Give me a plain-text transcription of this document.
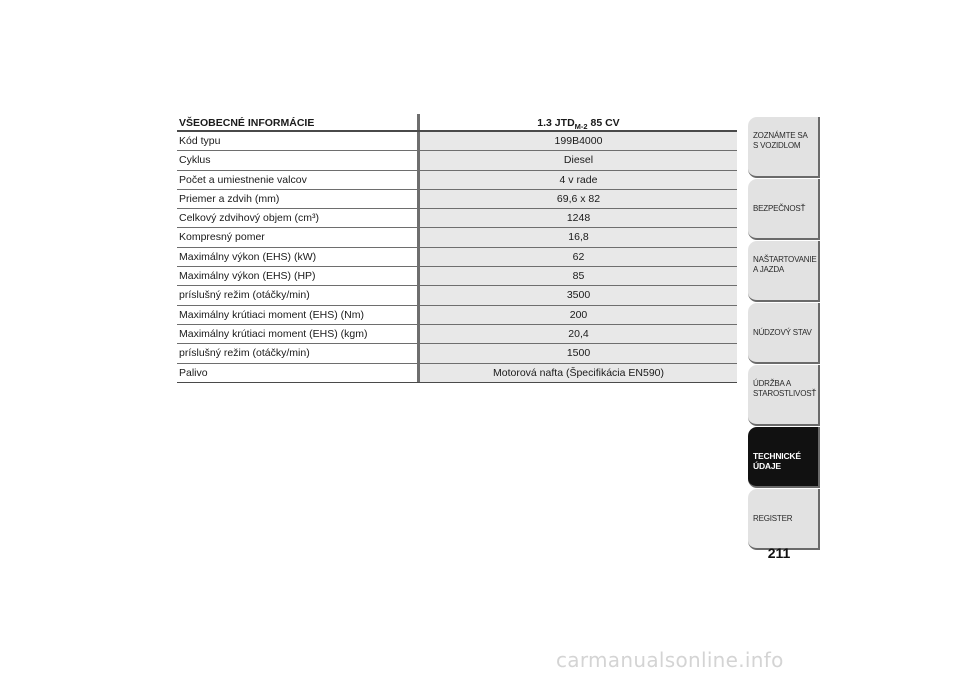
VŠEOBECNÉ INFORMÁCIE	1.3 $JTD_{M-2}$ 85 CV
Kód typu	199B4000
Cyklus	Diesel
Počet a umiestnenie valcov	4 v rade
Priemer a zdvih (mm)	69,6 x 82
Celkový zdvihový objem (cm³)	1248
Kompresný pomer	16,8
Maximálny výkon (EHS) (kW)	62
Maximálny výkon (EHS) (HP)	85
príslušný režim (otáčky/min)	3500
Maximálny krútiaci moment (EHS) (Nm)	200
Maximálny krútiaci moment (EHS) (kgm)	20,4
príslušný režim (otáčky/min)	1500
Palivo	Motorová nafta (Špecifikácia EN590)
ZOZNÁMTE SA S VOZIDLOM
BEZPEČNOSŤ
NAŠTARTOVANIE A JAZDA
NÚDZOVÝ STAV
ÚDRŽBA A STAROSTLIVOSŤ
TECHNICKÉ ÚDAJE
REGISTER
211
carmanualsonline.info
